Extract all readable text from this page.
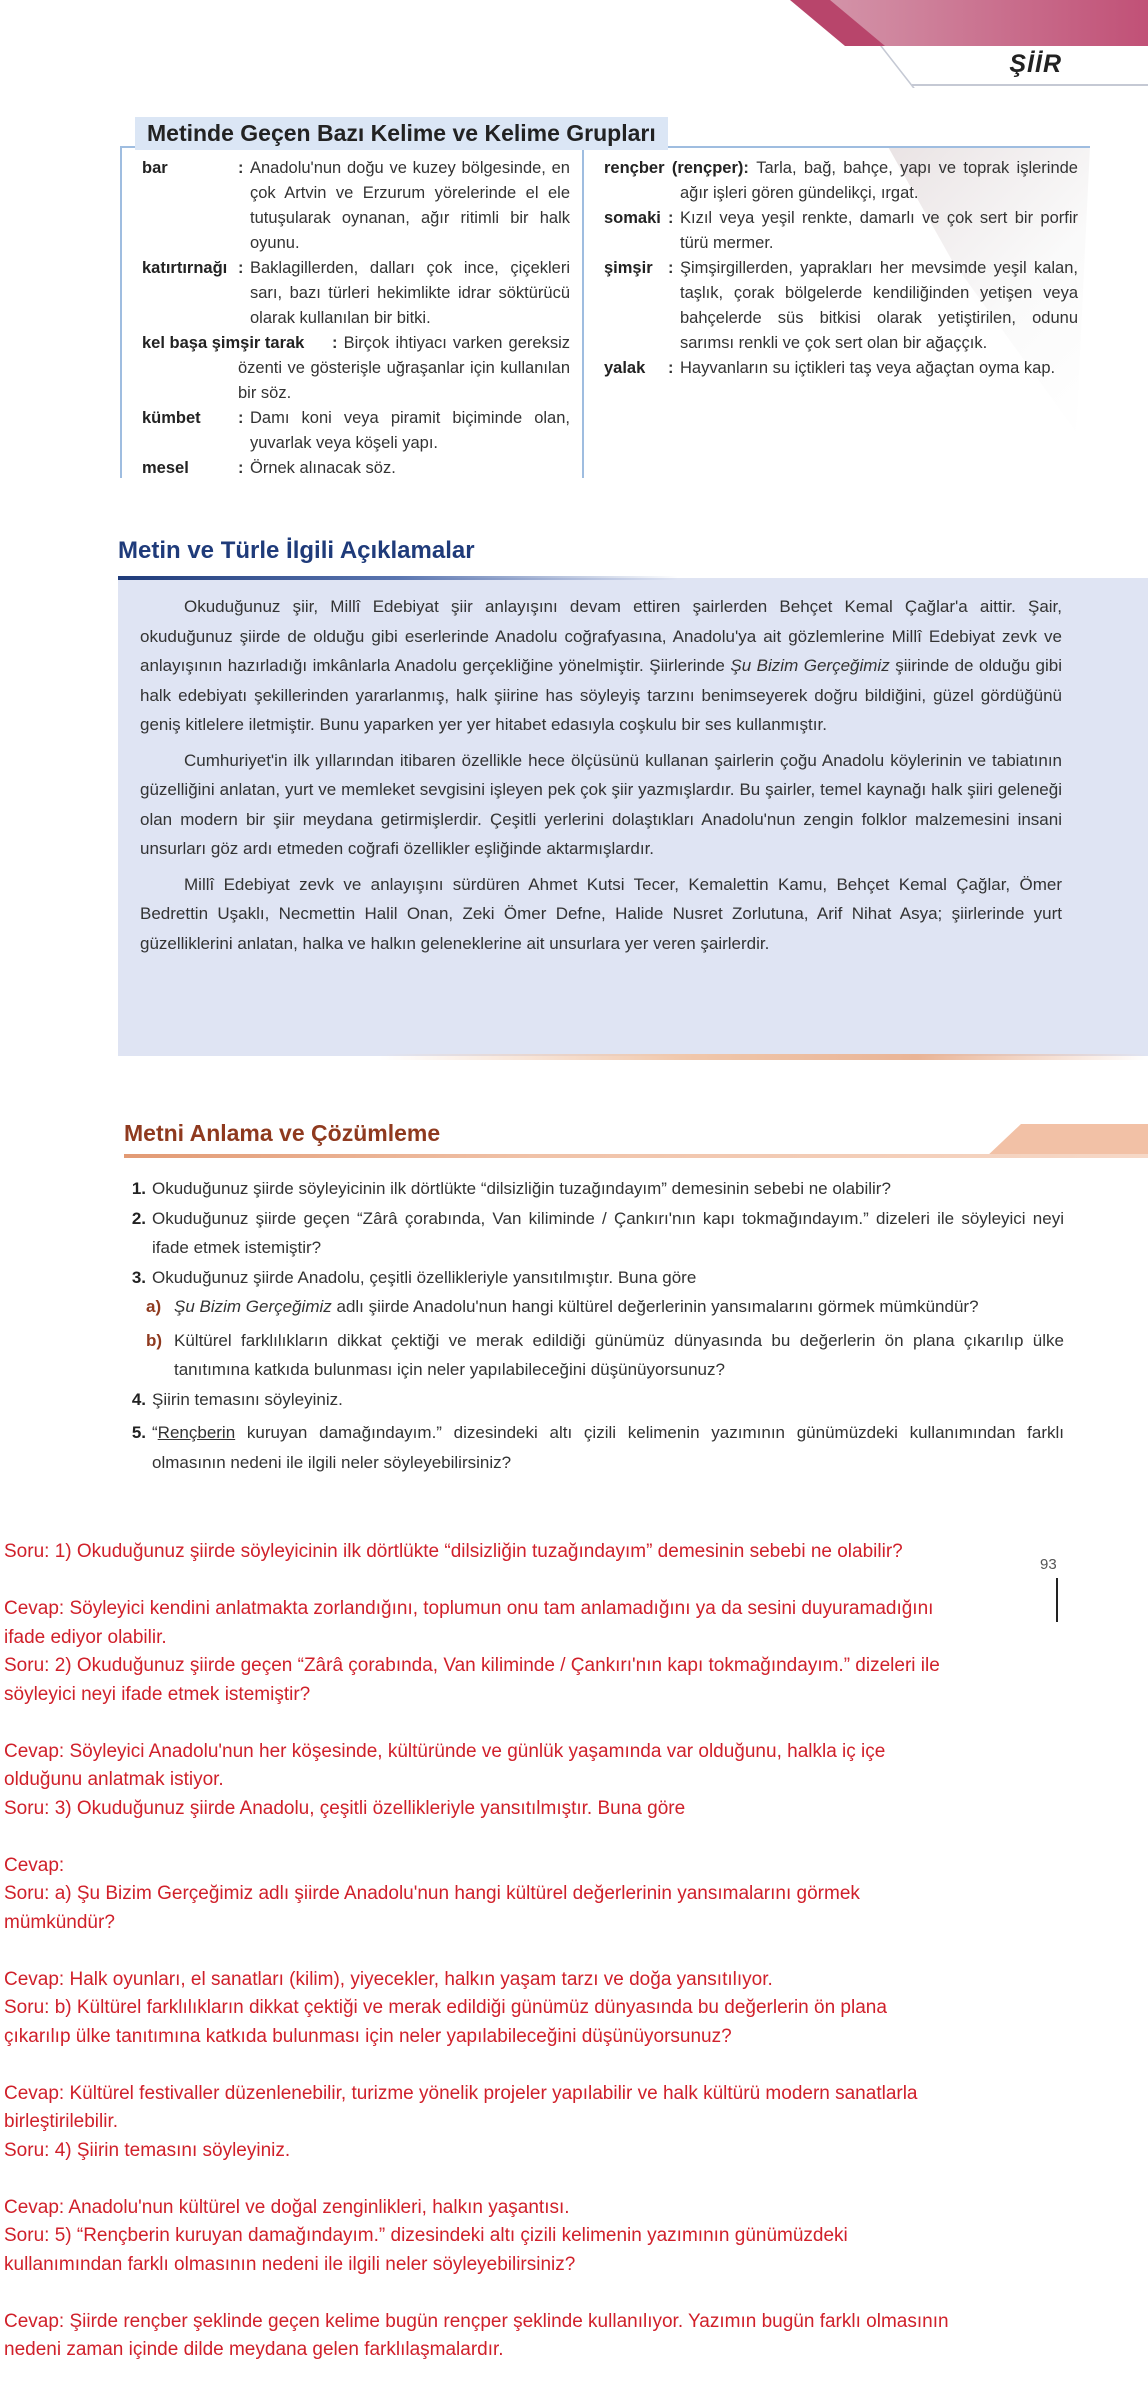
ŞİİR
Metinde Geçen Bazı Kelime ve Kelime Grupları
bar	: Anadolu'nun doğu ve kuzey bölgesinde, en çok Artvin ve Erzurum yörelerinde el ele tutuşularak oynanan, ağır ritimli bir halk oyunu.
katırtırnağı : Baklagillerden, dalları çok ince, çiçekleri sarı, bazı türleri hekimlikte idrar söktürücü olarak kullanılan bir bitki.
kel başa şimşir tarak	: Birçok ihtiyacı varken gereksiz özenti ve gösterişle uğraşanlar için kullanılan bir söz.
kümbet	: Damı koni veya piramit biçiminde olan, yuvarlak veya köşeli yapı.
mesel	: Örnek alınacak söz.
rençber (rençper): Tarla, bağ, bahçe, yapı ve toprak işlerinde ağır işleri gören gündelikçi, ırgat.
somaki : Kızıl veya yeşil renkte, damarlı ve çok sert bir porfir türü mermer.
şimşir : Şimşirgillerden, yaprakları her mevsimde yeşil kalan, taşlık, çorak bölgelerde kendiliğinden yetişen veya bahçelerde süs bitkisi olarak yetiştirilen, odunu sarımsı renkli ve çok sert olan bir ağaççık.
yalak	: Hayvanların su içtikleri taş veya ağaçtan oyma kap.
Metin ve Türle İlgili Açıklamalar

Okuduğunuz şiir, Millî Edebiyat şiir anlayışını devam ettiren şairlerden Behçet Kemal Çağlar'a aittir. Şair, okuduğunuz şiirde de olduğu gibi eserlerinde Anadolu coğrafyasına, Anadolu'ya ait gözlemlerine Millî Edebiyat zevk ve anlayışının hazırladığı imkânlarla Anadolu gerçekliğine yönelmiştir. Şiirlerinde Şu Bizim Gerçeğimiz şiirinde de olduğu gibi halk edebiyatı şekillerinden yararlanmış, halk şiirine has söyleyiş tarzını benimseyerek doğru bildiğini, güzel gördüğünü geniş kitlelere iletmiştir. Bunu yaparken yer yer hitabet edasıyla coşkulu bir ses kullanmıştır.

Cumhuriyet'in ilk yıllarından itibaren özellikle hece ölçüsünü kullanan şairlerin çoğu Anadolu köylerinin ve tabiatının güzelliğini anlatan, yurt ve memleket sevgisini işleyen pek çok şiir yazmışlardır. Bu şairler, temel kaynağı halk şiiri geleneği olan modern bir şiir meydana getirmişlerdir. Çeşitli yerlerini dolaştıkları Anadolu'nun zengin folklor malzemesini insani unsurları göz ardı etmeden coğrafi özellikler eşliğinde aktarmışlardır.

Millî Edebiyat zevk ve anlayışını sürdüren Ahmet Kutsi Tecer, Kemalettin Kamu, Behçet Kemal Çağlar, Ömer Bedrettin Uşaklı, Necmettin Halil Onan, Zeki Ömer Defne, Halide Nusret Zorlutuna, Arif Nihat Asya; şiirlerinde yurt güzelliklerini anlatan, halka ve halkın geleneklerine ait unsurlara yer veren şairlerdir.

Metni Anlama ve Çözümleme
1. Okuduğunuz şiirde söyleyicinin ilk dörtlükte “dilsizliğin tuzağındayım” demesinin sebebi ne olabilir?
2. Okuduğunuz şiirde geçen “Zârâ çorabında, Van kiliminde / Çankırı'nın kapı tokmağındayım.” dizeleri ile söyleyici neyi ifade etmek istemiştir?
3. Okuduğunuz şiirde Anadolu, çeşitli özellikleriyle yansıtılmıştır. Buna göre
a) Şu Bizim Gerçeğimiz adlı şiirde Anadolu'nun hangi kültürel değerlerinin yansımalarını görmek mümkündür?
b) Kültürel farklılıkların dikkat çektiği ve merak edildiği günümüz dünyasında bu değerlerin ön plana çıkarılıp ülke tanıtımına katkıda bulunması için neler yapılabileceğini düşünüyorsunuz?
4. Şiirin temasını söyleyiniz.
5. “Rençberin kuruyan damağındayım.” dizesindeki altı çizili kelimenin yazımının günümüzdeki kullanımından farklı olmasının nedeni ile ilgili neler söyleyebilirsiniz?
93
Soru: 1) Okuduğunuz şiirde söyleyicinin ilk dörtlükte “dilsizliğin tuzağındayım” demesinin sebebi ne olabilir?
Cevap: Söyleyici kendini anlatmakta zorlandığını, toplumun onu tam anlamadığını ya da sesini duyuramadığını
ifade ediyor olabilir.
Soru: 2) Okuduğunuz şiirde geçen “Zârâ çorabında, Van kiliminde / Çankırı'nın kapı tokmağındayım.” dizeleri ile
söyleyici neyi ifade etmek istemiştir?
Cevap: Söyleyici Anadolu'nun her köşesinde, kültüründe ve günlük yaşamında var olduğunu, halkla iç içe
olduğunu anlatmak istiyor.
Soru: 3) Okuduğunuz şiirde Anadolu, çeşitli özellikleriyle yansıtılmıştır. Buna göre
Cevap:
Soru: a) Şu Bizim Gerçeğimiz adlı şiirde Anadolu'nun hangi kültürel değerlerinin yansımalarını görmek
mümkündür?
Cevap: Halk oyunları, el sanatları (kilim), yiyecekler, halkın yaşam tarzı ve doğa yansıtılıyor.
Soru: b) Kültürel farklılıkların dikkat çektiği ve merak edildiği günümüz dünyasında bu değerlerin ön plana
çıkarılıp ülke tanıtımına katkıda bulunması için neler yapılabileceğini düşünüyorsunuz?
Cevap: Kültürel festivaller düzenlenebilir, turizme yönelik projeler yapılabilir ve halk kültürü modern sanatlarla
birleştirilebilir.
Soru: 4) Şiirin temasını söyleyiniz.
Cevap: Anadolu'nun kültürel ve doğal zenginlikleri, halkın yaşantısı.
Soru: 5) “Rençberin kuruyan damağındayım.” dizesindeki altı çizili kelimenin yazımının günümüzdeki
kullanımından farklı olmasının nedeni ile ilgili neler söyleyebilirsiniz?
Cevap: Şiirde rençber şeklinde geçen kelime bugün rençper şeklinde kullanılıyor. Yazımın bugün farklı olmasının
nedeni zaman içinde dilde meydana gelen farklılaşmalardır.
